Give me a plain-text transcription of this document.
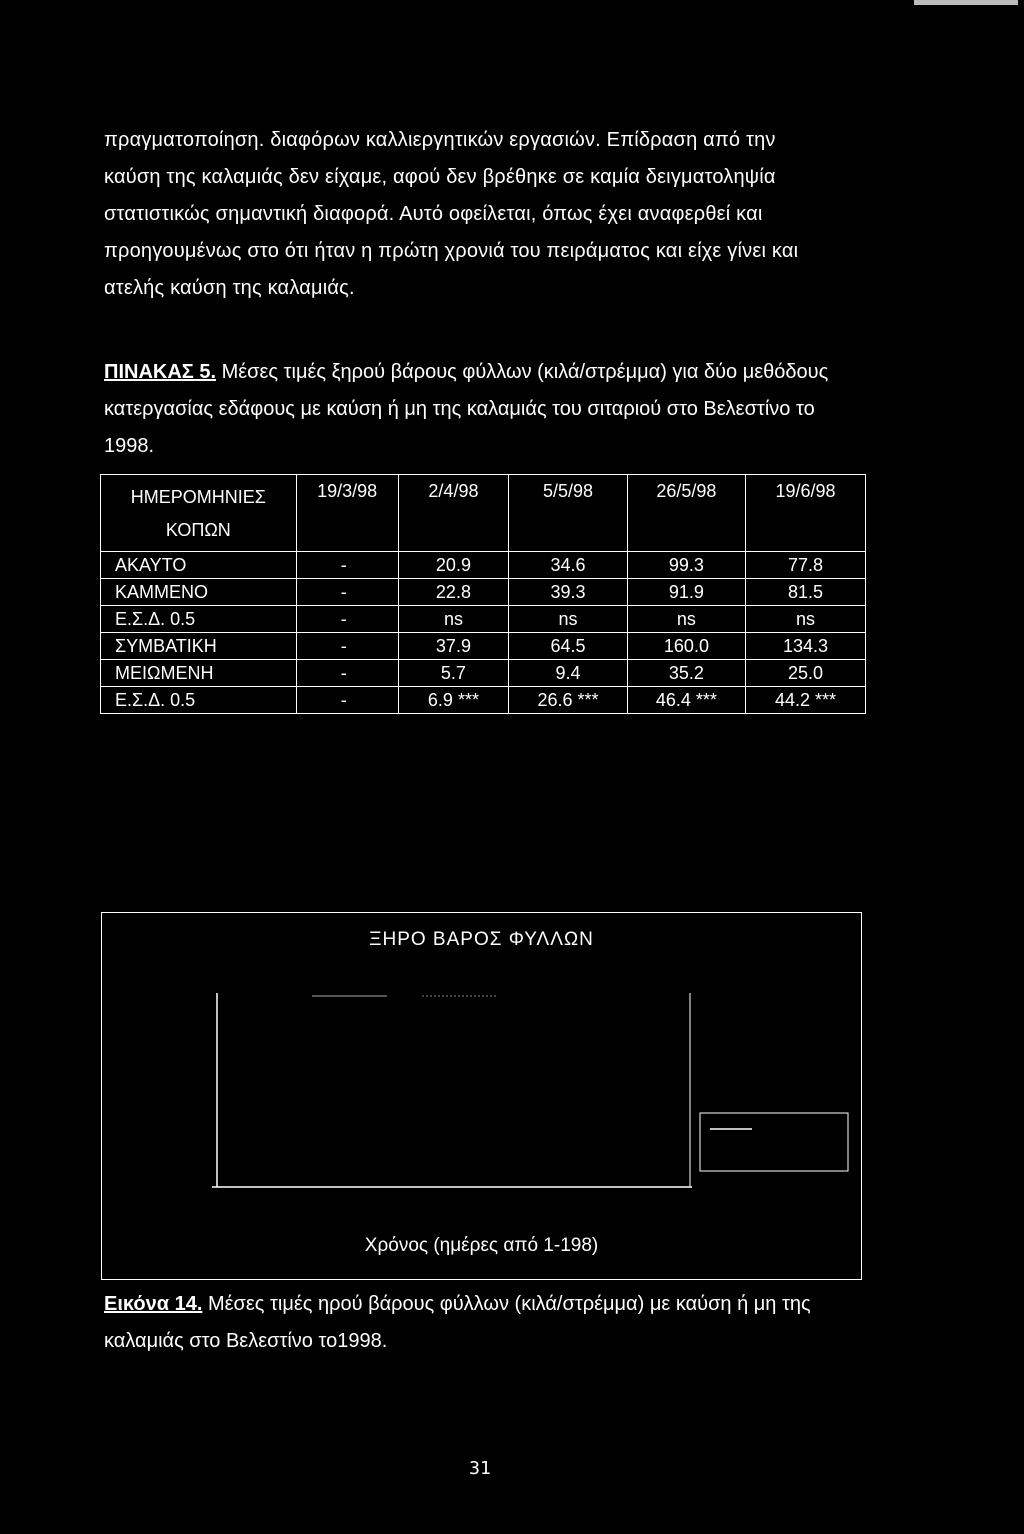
πραγματοποίηση. διαφόρων καλλιεργητικών εργασιών. Επίδραση από την
καύση της καλαμιάς δεν είχαμε, αφού δεν βρέθηκε σε καμία δειγματοληψία
στατιστικώς σημαντική διαφορά. Αυτό οφείλεται, όπως έχει αναφερθεί και
προηγουμένως στο ότι ήταν η πρώτη χρονιά του πειράματος και είχε γίνει και
ατελής καύση της καλαμιάς.
ΠΙΝΑΚΑΣ 5. Μέσες τιμές ξηρού βάρους φύλλων (κιλά/στρέμμα) για δύο μεθόδους κατεργασίας εδάφους με καύση ή μη της καλαμιάς του σιταριού στο Βελεστίνο το 1998.
ΗΜΕΡΟΜΗΝΙΕΣ
ΚΟΠΩΝ	19/3/98	2/4/98	5/5/98	26/5/98	19/6/98
ΑΚΑΥΤΟ	-	20.9	34.6	99.3	77.8
ΚΑΜΜΕΝΟ	-	22.8	39.3	91.9	81.5
Ε.Σ.Δ. 0.5	-	ns	ns	ns	ns
ΣΥΜΒΑΤΙΚΗ	-	37.9	64.5	160.0	134.3
ΜΕΙΩΜΕΝΗ	-	5.7	9.4	35.2	25.0
Ε.Σ.Δ. 0.5	-	6.9 ***	26.6 ***	46.4 ***	44.2 ***
ΞΗΡΟ ΒΑΡΟΣ ΦΥΛΛΩΝ
Χρόνος (ημέρες από 1-198)
Εικόνα 14. Μέσες τιμές ηρού βάρους φύλλων (κιλά/στρέμμα) με καύση ή μη της καλαμιάς στο Βελεστίνο το1998.
31
